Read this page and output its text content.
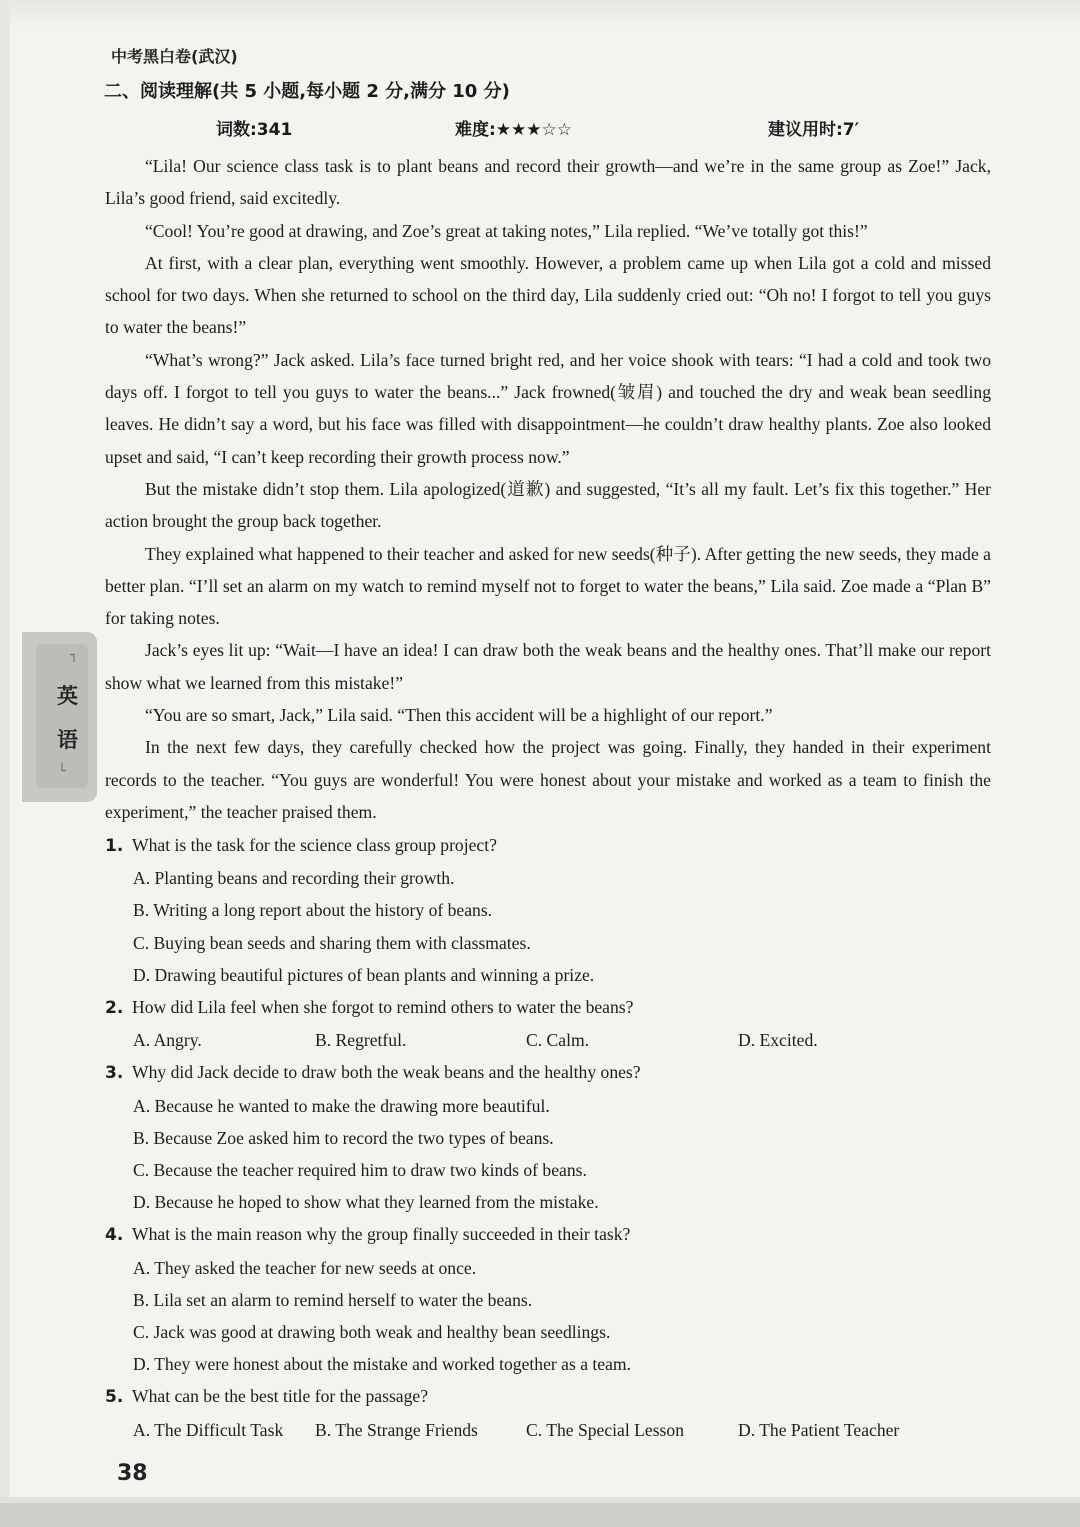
中考黑白卷(武汉)
二、阅读理解(共 5 小题,每小题 2 分,满分 10 分)
词数:341	难度:★★★☆☆	建议用时:7′

“Lila! Our science class task is to plant beans and record their growth—and we’re in the same group as Zoe!” Jack, Lila’s good friend, said excitedly.

“Cool! You’re good at drawing, and Zoe’s great at taking notes,” Lila replied. “We’ve totally got this!”

At first, with a clear plan, everything went smoothly. However, a problem came up when Lila got a cold and missed school for two days. When she returned to school on the third day, Lila suddenly cried out: “Oh no! I forgot to tell you guys to water the beans!”

“What’s wrong?” Jack asked. Lila’s face turned bright red, and her voice shook with tears: “I had a cold and took two days off. I forgot to tell you guys to water the beans...” Jack frowned(皱眉) and touched the dry and weak bean seedling leaves. He didn’t say a word, but his face was filled with disappointment—he couldn’t draw healthy plants. Zoe also looked upset and said, “I can’t keep recording their growth process now.”

But the mistake didn’t stop them. Lila apologized(道歉) and suggested, “It’s all my fault. Let’s fix this together.” Her action brought the group back together.

They explained what happened to their teacher and asked for new seeds(种子). After getting the new seeds, they made a better plan. “I’ll set an alarm on my watch to remind myself not to forget to water the beans,” Lila said. Zoe made a “Plan B” for taking notes.

Jack’s eyes lit up: “Wait—I have an idea! I can draw both the weak beans and the healthy ones. That’ll make our report show what we learned from this mistake!”

“You are so smart, Jack,” Lila said. “Then this accident will be a highlight of our report.”

In the next few days, they carefully checked how the project was going. Finally, they handed in their experiment records to the teacher. “You guys are wonderful! You were honest about your mistake and worked as a team to finish the experiment,” the teacher praised them.

1. What is the task for the science class group project?

A. Planting beans and recording their growth.

B. Writing a long report about the history of beans.

C. Buying bean seeds and sharing them with classmates.

D. Drawing beautiful pictures of bean plants and winning a prize.

2. How did Lila feel when she forgot to remind others to water the beans?

A. Angry.	B. Regretful.	C. Calm.	D. Excited.

3. Why did Jack decide to draw both the weak beans and the healthy ones?

A. Because he wanted to make the drawing more beautiful.

B. Because Zoe asked him to record the two types of beans.

C. Because the teacher required him to draw two kinds of beans.

D. Because he hoped to show what they learned from the mistake.

4. What is the main reason why the group finally succeeded in their task?

A. They asked the teacher for new seeds at once.

B. Lila set an alarm to remind herself to water the beans.

C. Jack was good at drawing both weak and healthy bean seedlings.

D. They were honest about the mistake and worked together as a team.

5. What can be the best title for the passage?

A. The Difficult Task	B. The Strange Friends	C. The Special Lesson	D. The Patient Teacher
┐
英
语
└
38
